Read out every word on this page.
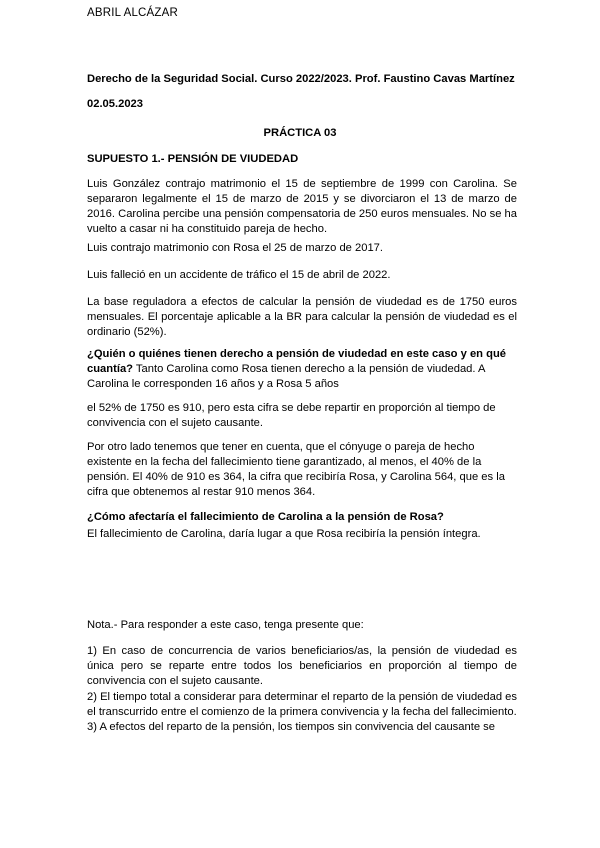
ABRIL ALCÁZAR

Derecho de la Seguridad Social. Curso 2022/2023. Prof. Faustino Cavas Martínez

02.05.2023

PRÁCTICA 03

SUPUESTO 1.- PENSIÓN DE VIUDEDAD

Luis González contrajo matrimonio el 15 de septiembre de 1999 con Carolina. Se separaron legalmente el 15 de marzo de 2015 y se divorciaron el 13 de marzo de 2016. Carolina percibe una pensión compensatoria de 250 euros mensuales. No se ha vuelto a casar ni ha constituido pareja de hecho.

Luis contrajo matrimonio con Rosa el 25 de marzo de 2017.

Luis falleció en un accidente de tráfico el 15 de abril de 2022.

La base reguladora a efectos de calcular la pensión de viudedad es de 1750 euros mensuales. El porcentaje aplicable a la BR para calcular la pensión de viudedad es el ordinario (52%).

¿Quién o quiénes tienen derecho a pensión de viudedad en este caso y en qué cuantía? Tanto Carolina como Rosa tienen derecho a la pensión de viudedad. A Carolina le corresponden 16 años y a Rosa 5 años

el 52% de 1750 es 910, pero esta cifra se debe repartir en proporción al tiempo de convivencia con el sujeto causante.

Por otro lado tenemos que tener en cuenta, que el cónyuge o pareja de hecho existente en la fecha del fallecimiento tiene garantizado, al menos, el 40% de la pensión. El 40% de 910 es 364, la cifra que recibiría Rosa, y Carolina 564, que es la cifra que obtenemos al restar 910 menos 364.

¿Cómo afectaría el fallecimiento de Carolina a la pensión de Rosa?

El fallecimiento de Carolina, daría lugar a que Rosa recibiría la pensión íntegra.

Nota.- Para responder a este caso, tenga presente que:

1) En caso de concurrencia de varios beneficiarios/as, la pensión de viudedad es única pero se reparte entre todos los beneficiarios en proporción al tiempo de convivencia con el sujeto causante.

2) El tiempo total a considerar para determinar el reparto de la pensión de viudedad es el transcurrido entre el comienzo de la primera convivencia y la fecha del fallecimiento.

3) A efectos del reparto de la pensión, los tiempos sin convivencia del causante se
